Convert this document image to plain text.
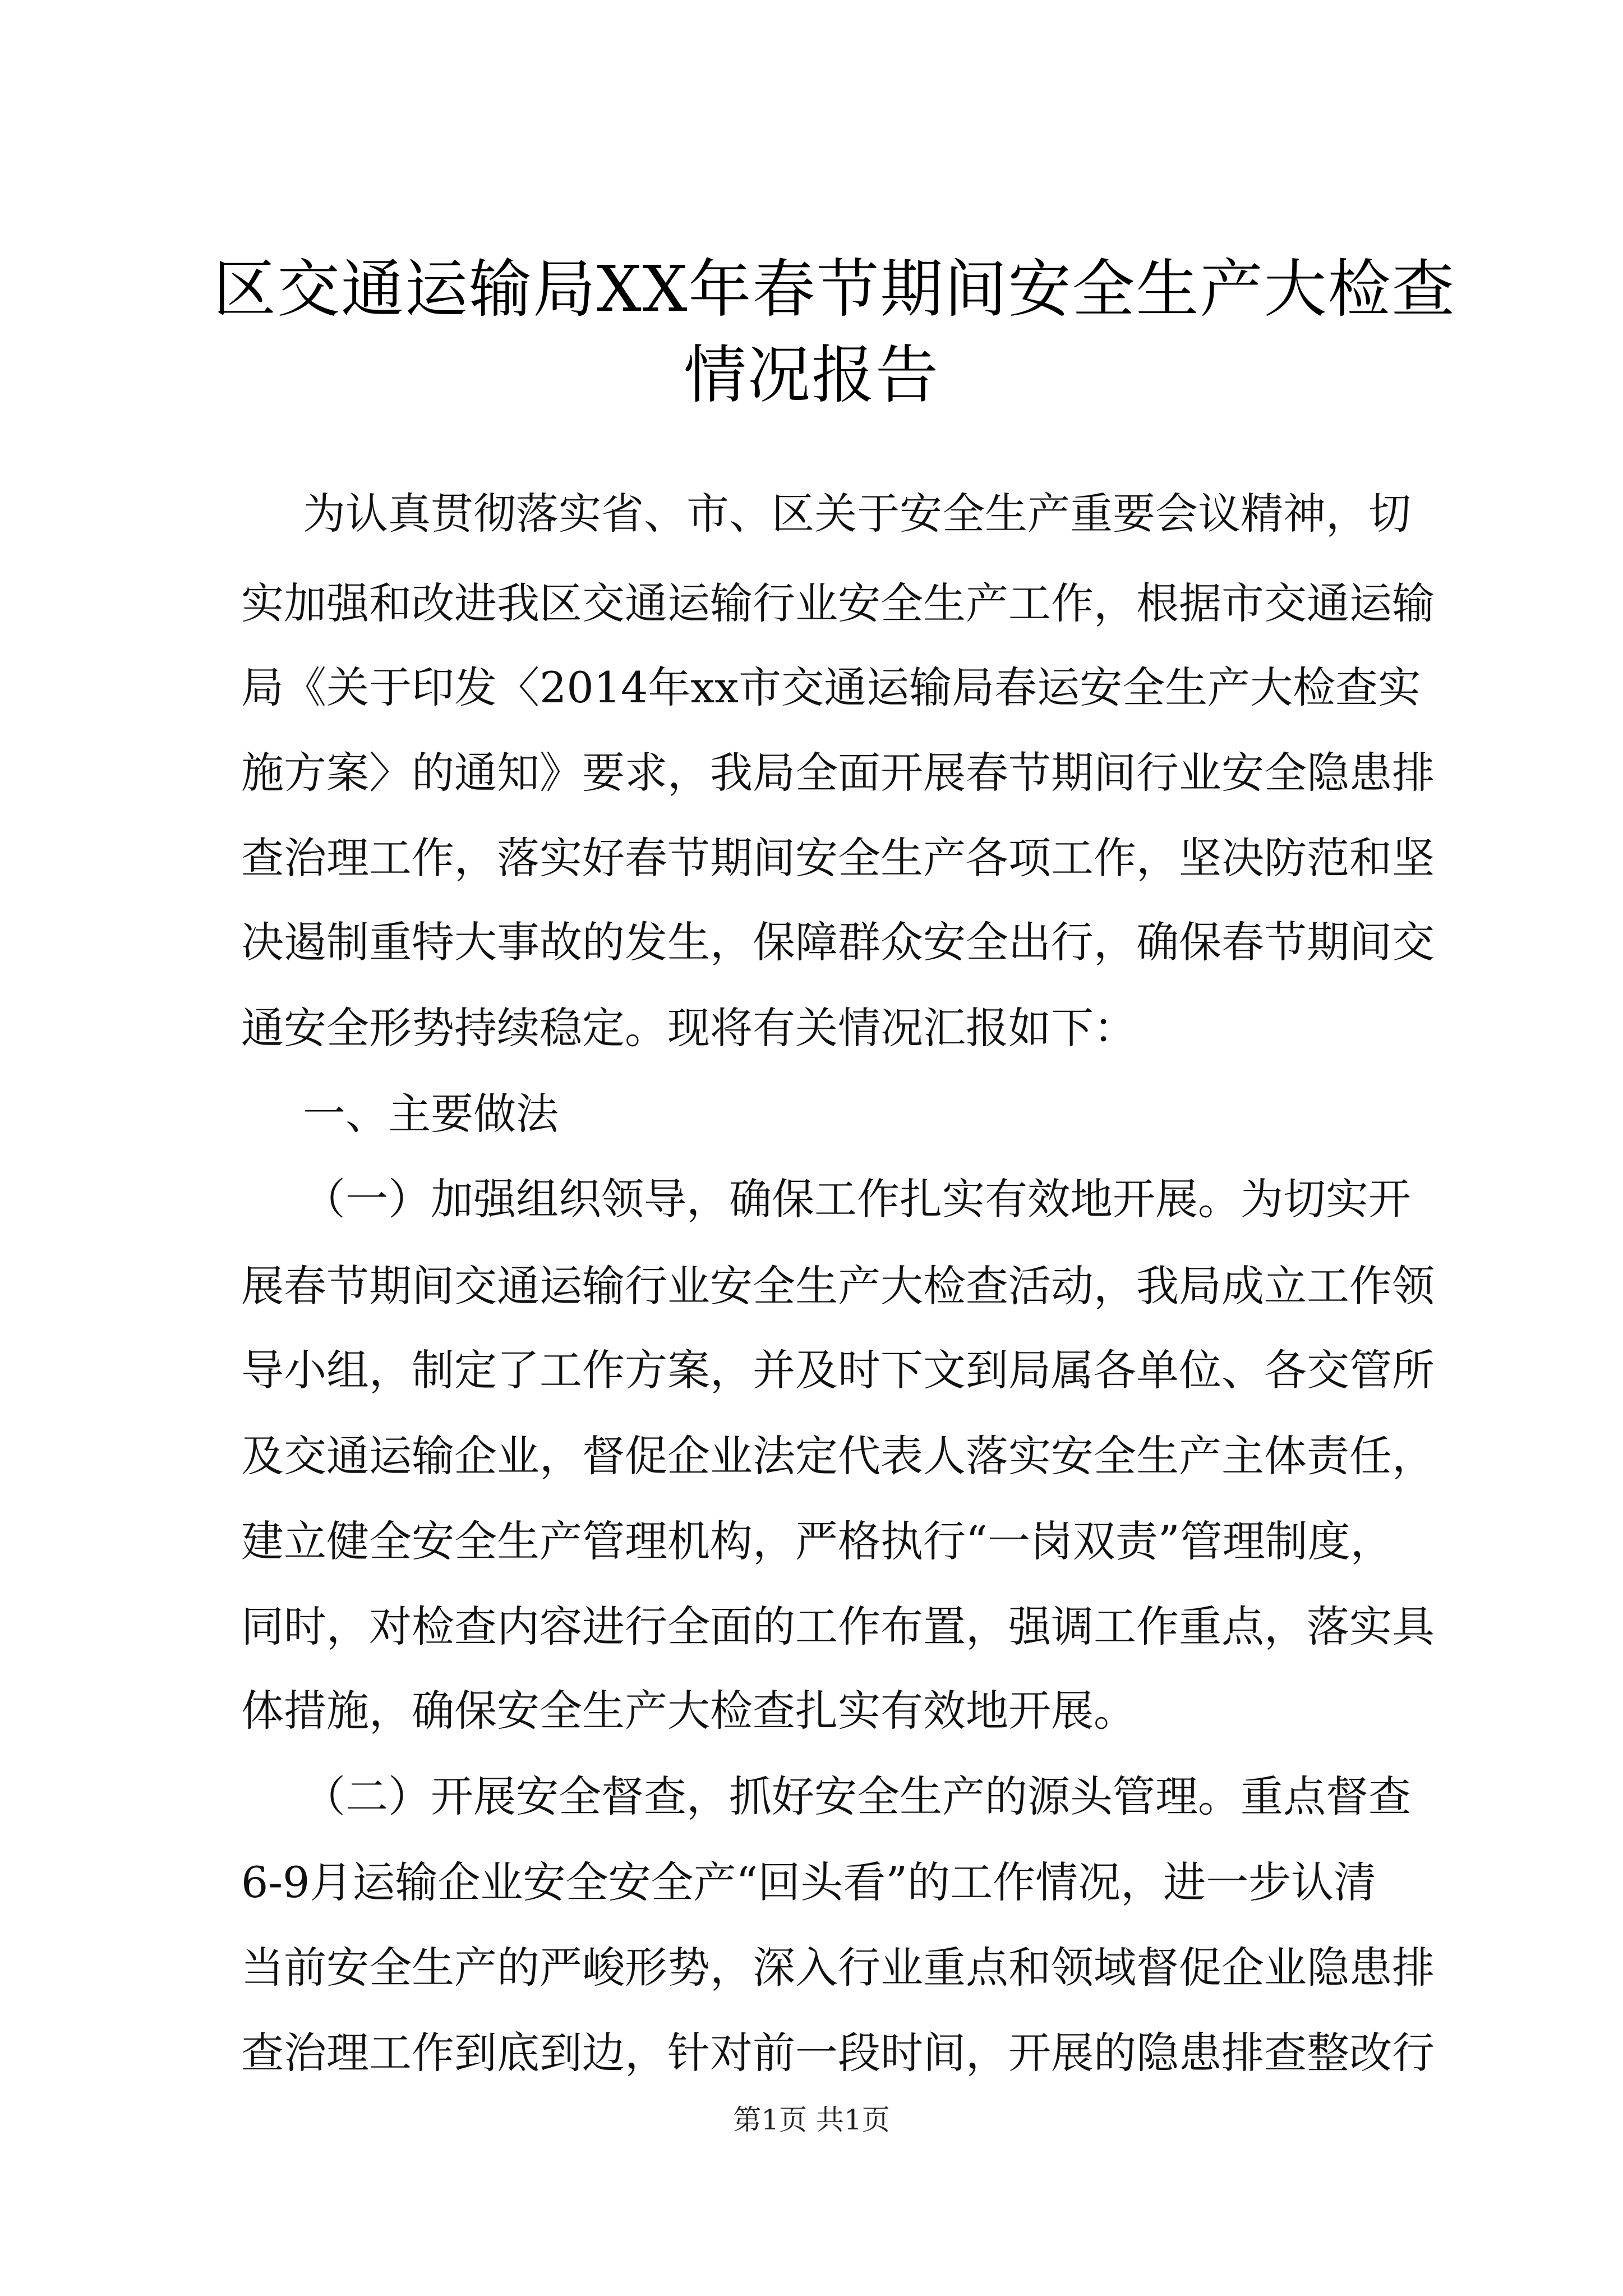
区交通运输局XX年春节期间安全生产大检查
情况报告
为认真贯彻落实省、市、区关于安全生产重要会议精神，切
实加强和改进我区交通运输行业安全生产工作，根据市交通运输
局《关于印发〈2014年xx市交通运输局春运安全生产大检查实
施方案〉的通知》要求，我局全面开展春节期间行业安全隐患排
查治理工作，落实好春节期间安全生产各项工作，坚决防范和坚
决遏制重特大事故的发生，保障群众安全出行，确保春节期间交
通安全形势持续稳定。现将有关情况汇报如下：
一、主要做法
（一）加强组织领导，确保工作扎实有效地开展。为切实开
展春节期间交通运输行业安全生产大检查活动，我局成立工作领
导小组，制定了工作方案，并及时下文到局属各单位、各交管所
及交通运输企业，督促企业法定代表人落实安全生产主体责任，
建立健全安全生产管理机构，严格执行“一岗双责”管理制度，
同时，对检查内容进行全面的工作布置，强调工作重点，落实具
体措施，确保安全生产大检查扎实有效地开展。
（二）开展安全督查，抓好安全生产的源头管理。重点督查
6-9月运输企业安全安全产“回头看”的工作情况，进一步认清
当前安全生产的严峻形势，深入行业重点和领域督促企业隐患排
查治理工作到底到边，针对前一段时间，开展的隐患排查整改行
第1页 共1页
